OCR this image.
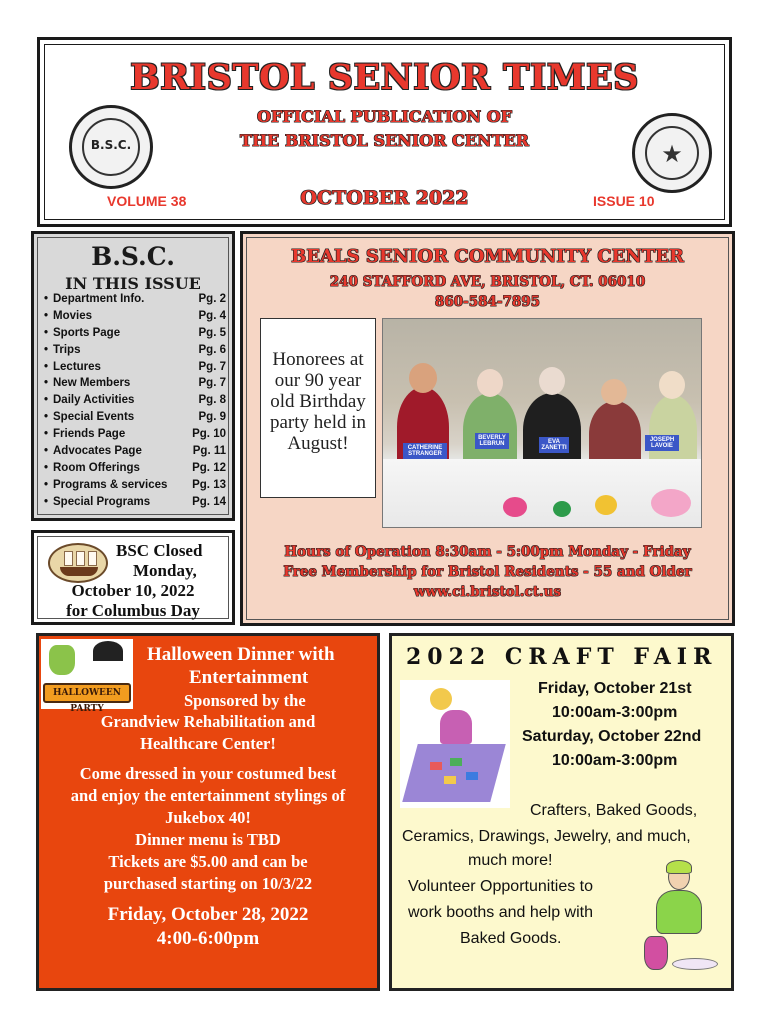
BRISTOL SENIOR TIMES
OFFICIAL PUBLICATION OF
THE BRISTOL SENIOR CENTER
B.S.C.	★
VOLUME 38	OCTOBER 2022	ISSUE 10
B.S.C.
IN THIS ISSUE
• Department Info.	Pg. 2
• Movies	Pg. 4
• Sports Page	Pg. 5
• Trips	Pg. 6
• Lectures	Pg. 7
• New Members	Pg. 7
• Daily Activities	Pg. 8
• Special Events	Pg. 9
• Friends Page	Pg. 10
• Advocates Page	Pg. 11
• Room Offerings	Pg. 12
• Programs & services Pg. 13
• Special Programs	Pg. 14
BSC Closed
Monday,
October 10, 2022
for Columbus Day
BEALS SENIOR COMMUNITY CENTER
240 STAFFORD AVE, BRISTOL, CT. 06010
860-584-7895
Honorees at our 90 year old Birthday party held in August!	CATHERINE STRANGER
BEVERLY LEBRUN	EVA ZANETTI
JOSEPH LAVOIE
Hours of Operation 8:30am - 5:00pm Monday - Friday
Free Membership for Bristol Residents - 55 and Older
www.ci.bristol.ct.us
HALLOWEEN PARTY
Halloween Dinner with
Entertainment
Sponsored by the
Grandview Rehabilitation and
Healthcare Center!
Come dressed in your costumed best
and enjoy the entertainment stylings of
Jukebox 40!
Dinner menu is TBD
Tickets are $5.00 and can be
purchased starting on 10/3/22
Friday, October 28, 2022
4:00-6:00pm
2022 CRAFT FAIR
Friday, October 21st
10:00am-3:00pm
Saturday, October 22nd
10:00am-3:00pm
Crafters, Baked Goods,
Ceramics, Drawings, Jewelry, and much,
much more!
Volunteer Opportunities to
work booths and help with
Baked Goods.
